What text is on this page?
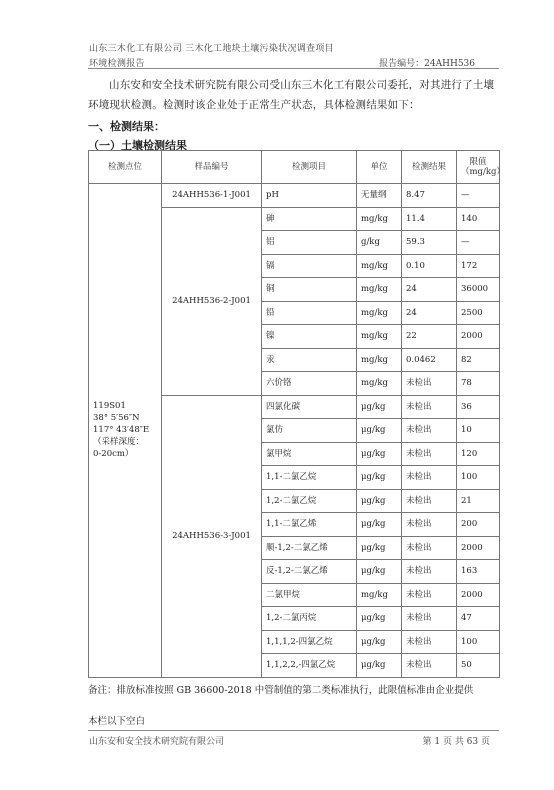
山东三木化工有限公司 三木化工地块土壤污染状况调查项目
环境检测报告	报告编号：24AHH536
山东安和安全技术研究院有限公司受山东三木化工有限公司委托，对其进行了土壤环境现状检测。检测时该企业处于正常生产状态，具体检测结果如下：
一、检测结果：
（一）土壤检测结果
检测点位	样品编号	检测项目	单位	检测结果	限值
（mg/kg）
119S01
38° 5′56″N
117° 43′48″E
（采样深度：
0-20cm）	24AHH536-1-J001	pH	无量纲	8.47	—
	24AHH536-2-J001	砷	mg/kg	11.4	140
		铝	g/kg	59.3	—
		镉	mg/kg	0.10	172
		铜	mg/kg	24	36000
		铅	mg/kg	24	2500
		镍	mg/kg	22	2000
		汞	mg/kg	0.0462	82
		六价铬	mg/kg	未检出	78
	24AHH536-3-J001	四氯化碳	μg/kg	未检出	36
		氯仿	μg/kg	未检出	10
		氯甲烷	μg/kg	未检出	120
		1,1-二氯乙烷	μg/kg	未检出	100
		1,2-二氯乙烷	μg/kg	未检出	21
		1,1-二氯乙烯	μg/kg	未检出	200
		顺-1,2-二氯乙烯	μg/kg	未检出	2000
		反-1,2-二氯乙烯	μg/kg	未检出	163
		二氯甲烷	mg/kg	未检出	2000
		1,2-二氯丙烷	μg/kg	未检出	47
		1,1,1,2-四氯乙烷	μg/kg	未检出	100
		1,1,2,2,-四氯乙烷	μg/kg	未检出	50
备注：排放标准按照 GB 36600-2018 中管制值的第二类标准执行，此限值标准由企业提供
本栏以下空白
山东安和安全技术研究院有限公司	第 1 页 共 63 页
